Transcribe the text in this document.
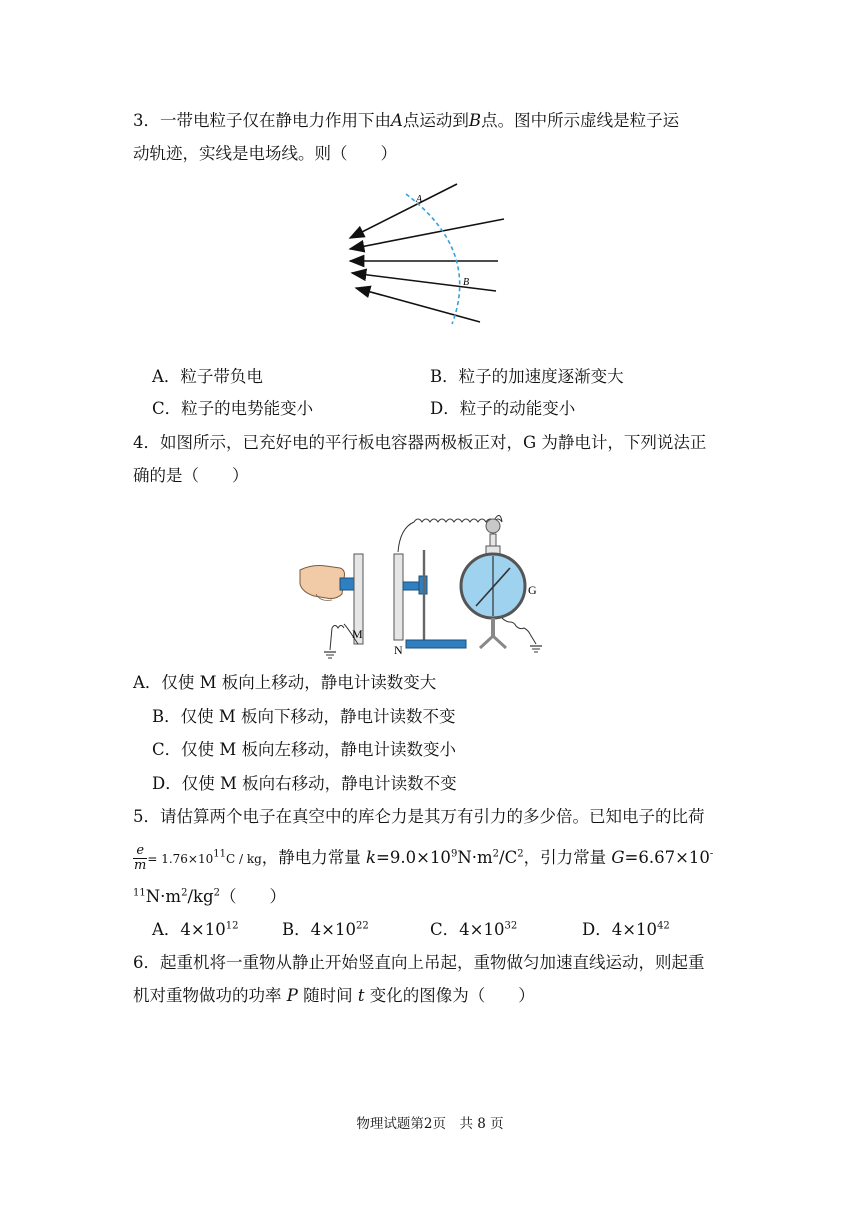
3．一带电粒子仅在静电力作用下由A点运动到B点。图中所示虚线是粒子运
动轨迹，实线是电场线。则（　　）
A
B
A．粒子带负电	B．粒子的加速度逐渐变大
C．粒子的电势能变小	D．粒子的动能变小
4．如图所示，已充好电的平行板电容器两极板正对，G 为静电计，下列说法正
确的是（　　）
M
N
G
A．仅使 M 板向上移动，静电计读数变大
B．仅使 M 板向下移动，静电计读数不变
C．仅使 M 板向左移动，静电计读数变小
D．仅使 M 板向右移动，静电计读数不变
5．请估算两个电子在真空中的库仑力是其万有引力的多少倍。已知电子的比荷
$\frac{e}{m} = 1.76\times 10^{11}C$ / kg，静电力常量 $k=9.0\times 10^9N\cdot m^2/C^2$，引力常量 G=6.67×10-
$^{11}N\cdot m^2/kg^2$（　　）
A．$4\times 10^{12}$	B．$4\times 10^{22}$	C．$4\times 10^{32}$	D．$4\times 10^{42}$
6．起重机将一重物从静止开始竖直向上吊起，重物做匀加速直线运动，则起重
机对重物做功的功率 P 随时间 t 变化的图像为（　　）
物理试题第2页　共 8 页
